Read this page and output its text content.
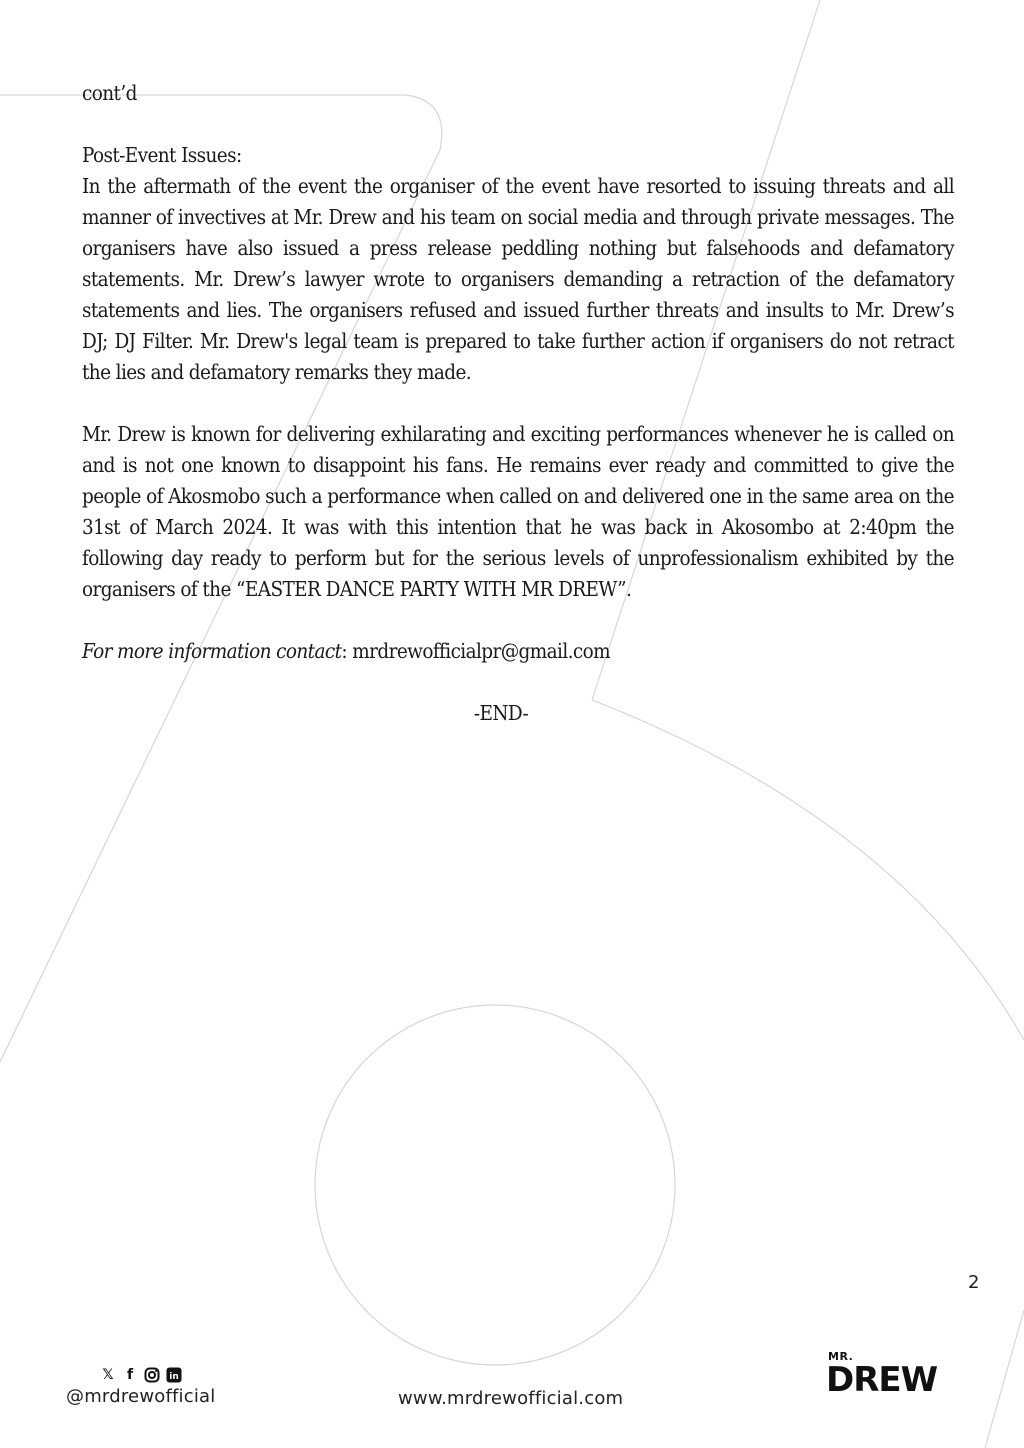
cont’d

Post-Event Issues:

In the aftermath of the event the organiser of the event have resorted to issuing threats and all manner of invectives at Mr. Drew and his team on social media and through private messages. The organisers have also issued a press release peddling nothing but falsehoods and defamatory statements. Mr. Drew’s lawyer wrote to organisers demanding a retraction of the defamatory statements and lies. The organisers refused and issued further threats and insults to Mr. Drew’s DJ; DJ Filter. Mr. Drew's legal team is prepared to take further action if organisers do not retract the lies and defamatory remarks they made.

Mr. Drew is known for delivering exhilarating and exciting performances whenever he is called on and is not one known to disappoint his fans. He remains ever ready and committed to give the people of Akosmobo such a performance when called on and delivered one in the same area on the 31st of March 2024. It was with this intention that he was back in Akosombo at 2:40pm the following day ready to perform but for the serious levels of unprofessionalism exhibited by the organisers of the “EASTER DANCE PARTY WITH MR DREW”.

For more information contact: mrdrewofficialpr@gmail.com

-END-

2
𝕏 f	in
@mrdrewofficial	www.mrdrewofficial.com
MR.
DREW
